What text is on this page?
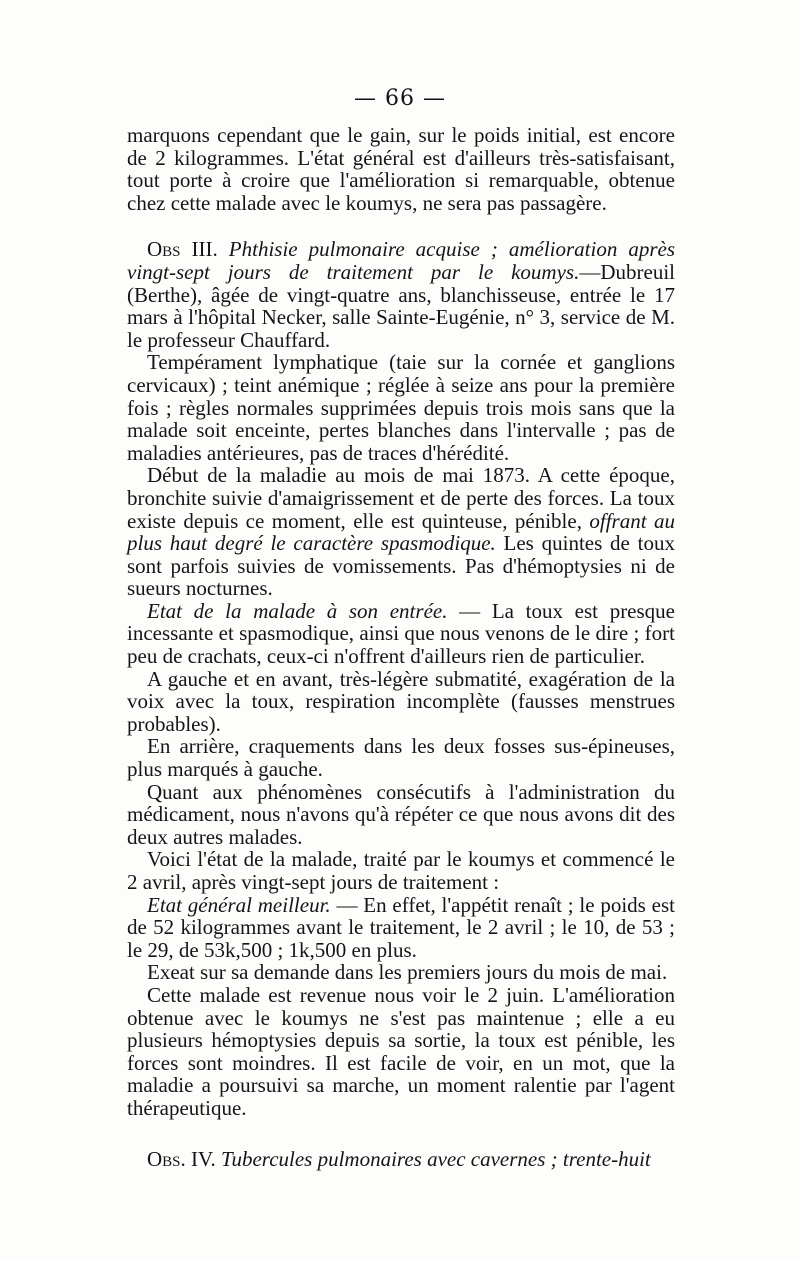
— 66 —

marquons cependant que le gain, sur le poids initial, est encore de 2 kilogrammes. L'état général est d'ailleurs très-satisfaisant, tout porte à croire que l'amélioration si remarquable, obtenue chez cette malade avec le koumys, ne sera pas passagère.

Obs III. Phthisie pulmonaire acquise ; amélioration après vingt-sept jours de traitement par le koumys.—Dubreuil (Berthe), âgée de vingt-quatre ans, blanchisseuse, entrée le 17 mars à l'hôpital Necker, salle Sainte-Eugénie, n° 3, service de M. le professeur Chauffard.

Tempérament lymphatique (taie sur la cornée et ganglions cervicaux) ; teint anémique ; réglée à seize ans pour la première fois ; règles normales supprimées depuis trois mois sans que la malade soit enceinte, pertes blanches dans l'intervalle ; pas de maladies antérieures, pas de traces d'hérédité.

Début de la maladie au mois de mai 1873. A cette époque, bronchite suivie d'amaigrissement et de perte des forces. La toux existe depuis ce moment, elle est quinteuse, pénible, offrant au plus haut degré le caractère spasmodique. Les quintes de toux sont parfois suivies de vomissements. Pas d'hémoptysies ni de sueurs nocturnes.

Etat de la malade à son entrée. — La toux est presque incessante et spasmodique, ainsi que nous venons de le dire ; fort peu de crachats, ceux-ci n'offrent d'ailleurs rien de particulier.

A gauche et en avant, très-légère submatité, exagération de la voix avec la toux, respiration incomplète (fausses menstrues probables).

En arrière, craquements dans les deux fosses sus-épineuses, plus marqués à gauche.

Quant aux phénomènes consécutifs à l'administration du médicament, nous n'avons qu'à répéter ce que nous avons dit des deux autres malades.

Voici l'état de la malade, traité par le koumys et commencé le 2 avril, après vingt-sept jours de traitement :

Etat général meilleur. — En effet, l'appétit renaît ; le poids est de 52 kilogrammes avant le traitement, le 2 avril ; le 10, de 53 ; le 29, de 53k,500 ; 1k,500 en plus.

Exeat sur sa demande dans les premiers jours du mois de mai.

Cette malade est revenue nous voir le 2 juin. L'amélioration obtenue avec le koumys ne s'est pas maintenue ; elle a eu plusieurs hémoptysies depuis sa sortie, la toux est pénible, les forces sont moindres. Il est facile de voir, en un mot, que la maladie a poursuivi sa marche, un moment ralentie par l'agent thérapeutique.

Obs. IV. Tubercules pulmonaires avec cavernes ; trente-huit
